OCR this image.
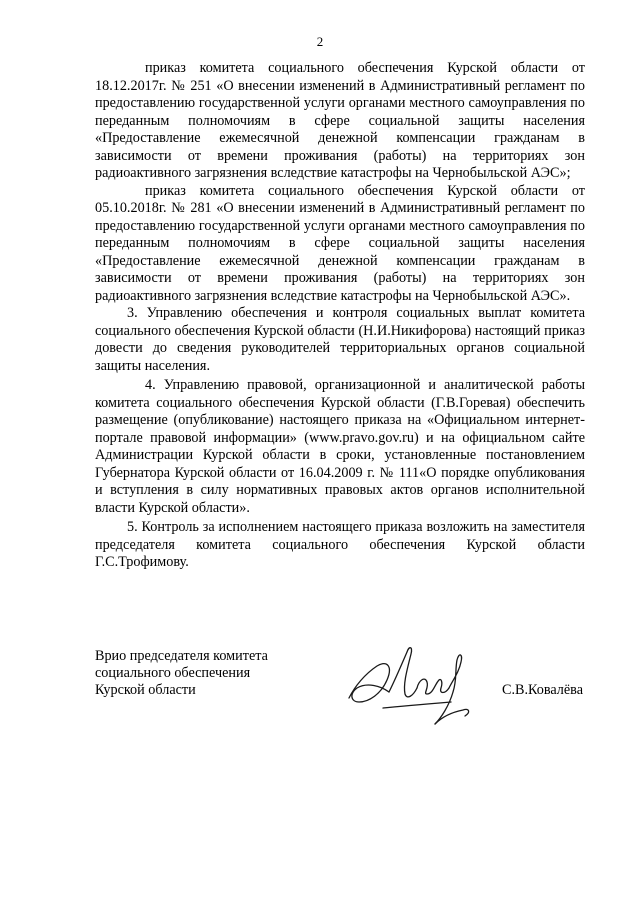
2

приказ комитета социального обеспечения Курской области от 18.12.2017г. № 251 «О внесении изменений в Административный регламент по предоставлению государственной услуги органами местного самоуправления по переданным полномочиям в сфере социальной защиты населения «Предоставление ежемесячной денежной компенсации гражданам в зависимости от времени проживания (работы) на территориях зон радиоактивного загрязнения вследствие катастрофы на Чернобыльской АЭС»;

приказ комитета социального обеспечения Курской области от 05.10.2018г. № 281 «О внесении изменений в Административный регламент по предоставлению государственной услуги органами местного самоуправления по переданным полномочиям в сфере социальной защиты населения «Предоставление ежемесячной денежной компенсации гражданам в зависимости от времени проживания (работы) на территориях зон радиоактивного загрязнения вследствие катастрофы на Чернобыльской АЭС».

3. Управлению обеспечения и контроля социальных выплат комитета социального обеспечения Курской области (Н.И.Никифорова) настоящий приказ довести до сведения руководителей территориальных органов социальной защиты населения.

4. Управлению правовой, организационной и аналитической работы комитета социального обеспечения Курской области (Г.В.Горевая) обеспечить размещение (опубликование) настоящего приказа на «Официальном интернет-портале правовой информации» (www.pravo.gov.ru) и на официальном сайте Администрации Курской области в сроки, установленные постановлением Губернатора Курской области от 16.04.2009 г. № 111«О порядке опубликования и вступления в силу нормативных правовых актов органов исполнительной власти Курской области».

5. Контроль за исполнением настоящего приказа возложить на заместителя председателя комитета социального обеспечения Курской области Г.С.Трофимову.

Врио председателя комитета
социального обеспечения
Курской области	С.В.Ковалёва
